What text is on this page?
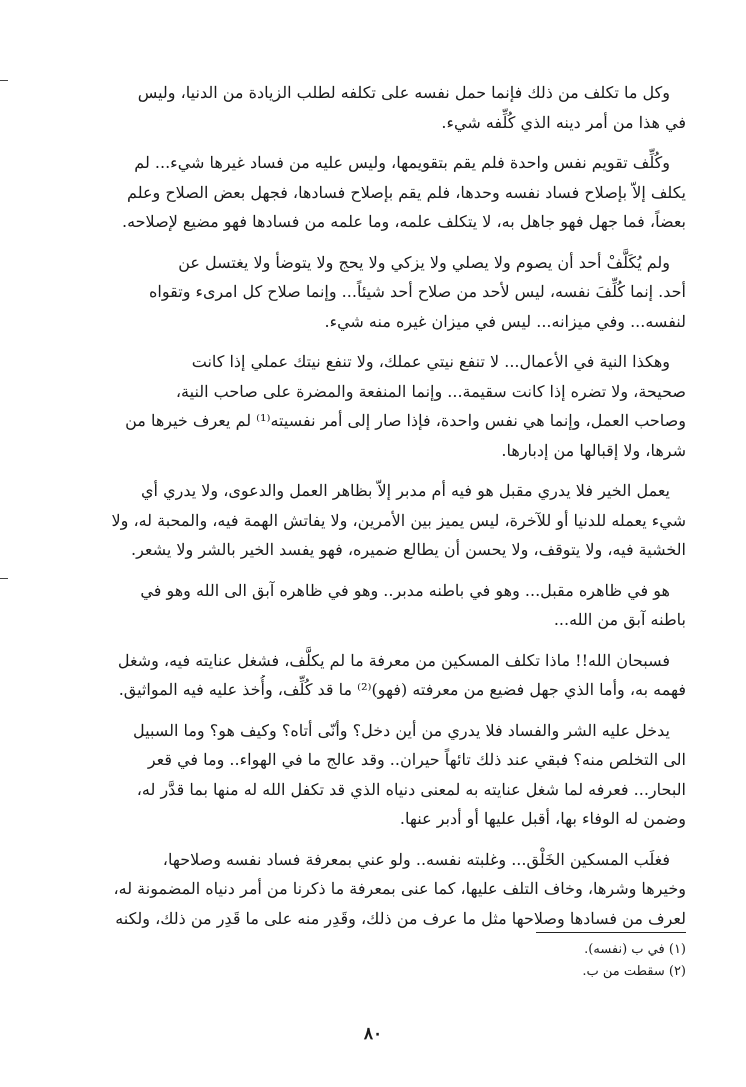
وكل ما تكلف من ذلك فإنما حمل نفسه على تكلفه لطلب الزيادة من الدنيا، وليس
في هذا من أمر دينه الذي كُلِّفه شيء.

وكُلِّف تقويم نفس واحدة فلم يقم بتقويمها، وليس عليه من فساد غيرها شيء... لم
يكلف إلاّ بإصلاح فساد نفسه وحدها، فلم يقم بإصلاح فسادها، فجهل بعض الصلاح وعلم
بعضاً، فما جهل فهو جاهل به، لا يتكلف علمه، وما علمه من فسادها فهو مضيع لإصلاحه.

ولم يُكَلَّفْ أحد أن يصوم ولا يصلي ولا يزكي ولا يحج ولا يتوضأ ولا يغتسل عن
أحد. إنما كُلِّفَ نفسه، ليس لأحد من صلاح أحد شيئاً... وإنما صلاح كل امرىء وتقواه
لنفسه... وفي ميزانه... ليس في ميزان غيره منه شيء.

وهكذا النية في الأعمال... لا تنفع نيتي عملك، ولا تنفع نيتك عملي إذا كانت
صحيحة، ولا تضره إذا كانت سقيمة... وإنما المنفعة والمضرة على صاحب النية،
وصاحب العمل، وإنما هي نفس واحدة، فإذا صار إلى أمر نفسيته⁽¹⁾ لم يعرف خيرها من
شرها، ولا إقبالها من إدبارها.

يعمل الخير فلا يدري مقبل هو فيه أم مدبر إلاّ بظاهر العمل والدعوى، ولا يدري أي
شيء يعمله للدنيا أو للآخرة، ليس يميز بين الأمرين، ولا يفاتش الهمة فيه، والمحبة له، ولا
الخشية فيه، ولا يتوقف، ولا يحسن أن يطالع ضميره، فهو يفسد الخير بالشر ولا يشعر.

هو في ظاهره مقبل... وهو في باطنه مدبر.. وهو في ظاهره آبق الى الله وهو في
باطنه آبق من الله...

فسبحان الله!! ماذا تكلف المسكين من معرفة ما لم يكلَّف، فشغل عنايته فيه، وشغل
فهمه به، وأما الذي جهل فضيع من معرفته (فهو)⁽²⁾ ما قد كُلِّف، وأُخذ عليه فيه المواثيق.

يدخل عليه الشر والفساد فلا يدري من أين دخل؟ وأنّى أتاه؟ وكيف هو؟ وما السبيل
الى التخلص منه؟ فبقي عند ذلك تائهاً حيران.. وقد عالج ما في الهواء.. وما في قعر
البحار... فعرفه لما شغل عنايته به لمعنى دنياه الذي قد تكفل الله له منها بما قدَّر له،
وضمن له الوفاء بها، أقبل عليها أو أدبر عنها.

فغلَب المسكين الخَلْق... وغلبته نفسه.. ولو عني بمعرفة فساد نفسه وصلاحها،
وخيرها وشرها، وخاف التلف عليها، كما عنى بمعرفة ما ذكرنا من أمر دنياه المضمونة له،
لعرف من فسادها وصلاحها مثل ما عرف من ذلك، وقَدِر منه على ما قَدِر من ذلك، ولكنه

(١) في ب (نفسه).

(٢) سقطت من ب.

٨٠
